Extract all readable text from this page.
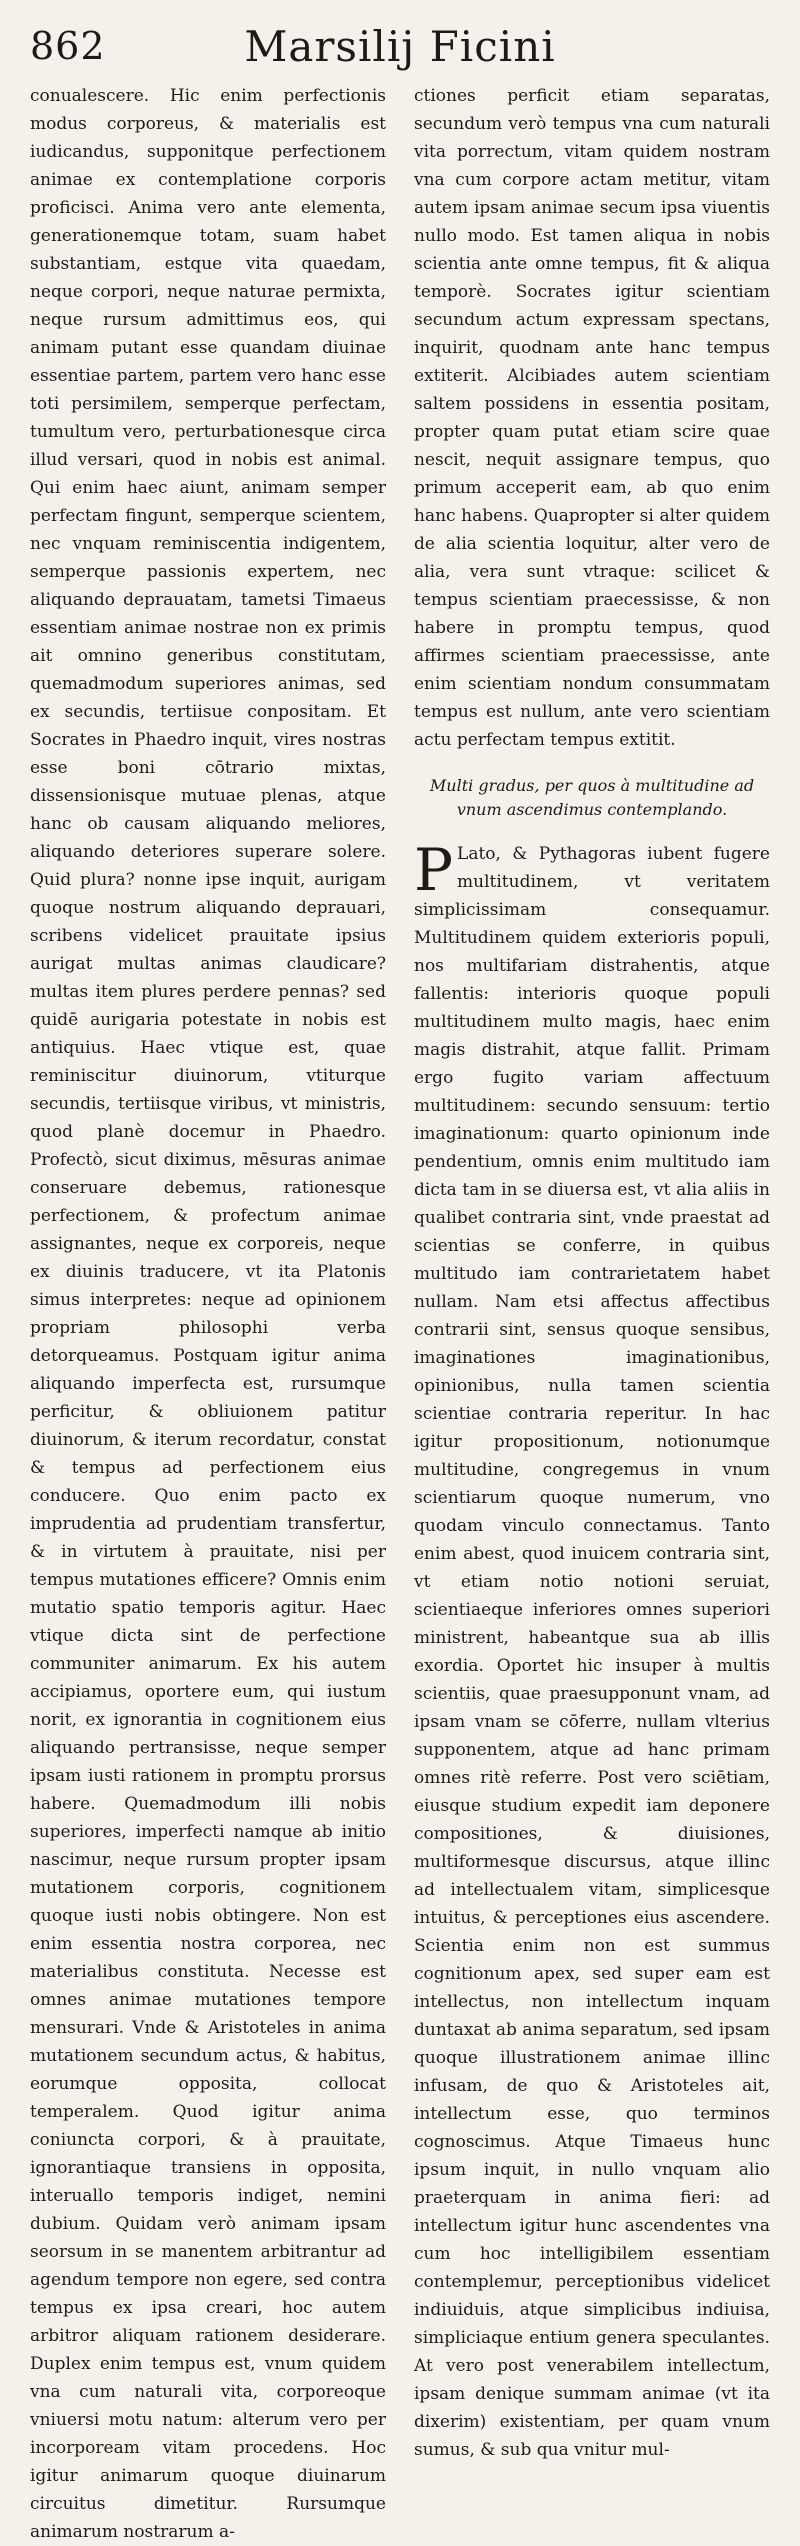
862	Marsilij Ficini

conualescere. Hic enim perfectionis modus corporeus, & materialis est iudicandus, supponitque perfectionem animae ex contemplatione corporis proficisci. Anima vero ante elementa, generationemque totam, suam habet substantiam, estque vita quaedam, neque corpori, neque naturae permixta, neque rursum admittimus eos, qui animam putant esse quandam diuinae essentiae partem, partem vero hanc esse toti persimilem, semperque perfectam, tumultum vero, perturbationesque circa illud versari, quod in nobis est animal. Qui enim haec aiunt, animam semper perfectam fingunt, semperque scientem, nec vnquam reminiscentia indigentem, semperque passionis expertem, nec aliquando deprauatam, tametsi Timaeus essentiam animae nostrae non ex primis ait omnino generibus constitutam, quemadmodum superiores animas, sed ex secundis, tertiisue conpositam. Et Socrates in Phaedro inquit, vires nostras esse boni cōtrario mixtas, dissensionisque mutuae plenas, atque hanc ob causam aliquando meliores, aliquando deteriores superare solere. Quid plura? nonne ipse inquit, aurigam quoque nostrum aliquando deprauari, scribens videlicet prauitate ipsius aurigat multas animas claudicare? multas item plures perdere pennas? sed quidē aurigaria potestate in nobis est antiquius. Haec vtique est, quae reminiscitur diuinorum, vtiturque secundis, tertiisque viribus, vt ministris, quod planè docemur in Phaedro. Profectò, sicut diximus, mēsuras animae conseruare debemus, rationesque perfectionem, & profectum animae assignantes, neque ex corporeis, neque ex diuinis traducere, vt ita Platonis simus interpretes: neque ad opinionem propriam philosophi verba detorqueamus. Postquam igitur anima aliquando imperfecta est, rursumque perficitur, & obliuionem patitur diuinorum, & iterum recordatur, constat & tempus ad perfectionem eius conducere. Quo enim pacto ex imprudentia ad prudentiam transfertur, & in virtutem à prauitate, nisi per tempus mutationes efficere? Omnis enim mutatio spatio temporis agitur. Haec vtique dicta sint de perfectione communiter animarum. Ex his autem accipiamus, oportere eum, qui iustum norit, ex ignorantia in cognitionem eius aliquando pertransisse, neque semper ipsam iusti rationem in promptu prorsus habere. Quemadmodum illi nobis superiores, imperfecti namque ab initio nascimur, neque rursum propter ipsam mutationem corporis, cognitionem quoque iusti nobis obtingere. Non est enim essentia nostra corporea, nec materialibus constituta. Necesse est omnes animae mutationes tempore mensurari. Vnde & Aristoteles in anima mutationem secundum actus, & habitus, eorumque opposita, collocat temperalem. Quod igitur anima coniuncta corpori, & à prauitate, ignorantiaque transiens in opposita, interuallo temporis indiget, nemini dubium. Quidam verò animam ipsam seorsum in se manentem arbitrantur ad agendum tempore non egere, sed contra tempus ex ipsa creari, hoc autem arbitror aliquam rationem desiderare. Duplex enim tempus est, vnum quidem vna cum naturali vita, corporeoque vniuersi motu natum: alterum vero per incorpoream vitam procedens. Hoc igitur animarum quoque diuinarum circuitus dimetitur. Rursumque animarum nostrarum a-

ctiones perficit etiam separatas, secundum verò tempus vna cum naturali vita porrectum, vitam quidem nostram vna cum corpore actam metitur, vitam autem ipsam animae secum ipsa viuentis nullo modo. Est tamen aliqua in nobis scientia ante omne tempus, fit & aliqua temporè. Socrates igitur scientiam secundum actum expressam spectans, inquirit, quodnam ante hanc tempus extiterit. Alcibiades autem scientiam saltem possidens in essentia positam, propter quam putat etiam scire quae nescit, nequit assignare tempus, quo primum acceperit eam, ab quo enim hanc habens. Quapropter si alter quidem de alia scientia loquitur, alter vero de alia, vera sunt vtraque: scilicet & tempus scientiam praecessisse, & non habere in promptu tempus, quod affirmes scientiam praecessisse, ante enim scientiam nondum consummatam tempus est nullum, ante vero scientiam actu perfectam tempus extitit.

Multi gradus, per quos à multitudine ad vnum ascendimus contemplando.

P Lato, & Pythagoras iubent fugere multitudinem, vt veritatem simplicissimam consequamur. Multitudinem quidem exterioris populi, nos multifariam distrahentis, atque fallentis: interioris quoque populi multitudinem multo magis, haec enim magis distrahit, atque fallit. Primam ergo fugito variam affectuum multitudinem: secundo sensuum: tertio imaginationum: quarto opinionum inde pendentium, omnis enim multitudo iam dicta tam in se diuersa est, vt alia aliis in qualibet contraria sint, vnde praestat ad scientias se conferre, in quibus multitudo iam contrarietatem habet nullam. Nam etsi affectus affectibus contrarii sint, sensus quoque sensibus, imaginationes imaginationibus, opinionibus, nulla tamen scientia scientiae contraria reperitur. In hac igitur propositionum, notionumque multitudine, congregemus in vnum scientiarum quoque numerum, vno quodam vinculo connectamus. Tanto enim abest, quod inuicem contraria sint, vt etiam notio notioni seruiat, scientiaeque inferiores omnes superiori ministrent, habeantque sua ab illis exordia. Oportet hic insuper à multis scientiis, quae praesupponunt vnam, ad ipsam vnam se cōferre, nullam vlterius supponentem, atque ad hanc primam omnes ritè referre. Post vero sciētiam, eiusque studium expedit iam deponere compositiones, & diuisiones, multiformesque discursus, atque illinc ad intellectualem vitam, simplicesque intuitus, & perceptiones eius ascendere. Scientia enim non est summus cognitionum apex, sed super eam est intellectus, non intellectum inquam duntaxat ab anima separatum, sed ipsam quoque illustrationem animae illinc infusam, de quo & Aristoteles ait, intellectum esse, quo terminos cognoscimus. Atque Timaeus hunc ipsum inquit, in nullo vnquam alio praeterquam in anima fieri: ad intellectum igitur hunc ascendentes vna cum hoc intelligibilem essentiam contemplemur, perceptionibus videlicet indiuiduis, atque simplicibus indiuisa, simpliciaque entium genera speculantes. At vero post venerabilem intellectum, ipsam denique summam animae (vt ita dixerim) existentiam, per quam vnum sumus, & sub qua vnitur mul-
